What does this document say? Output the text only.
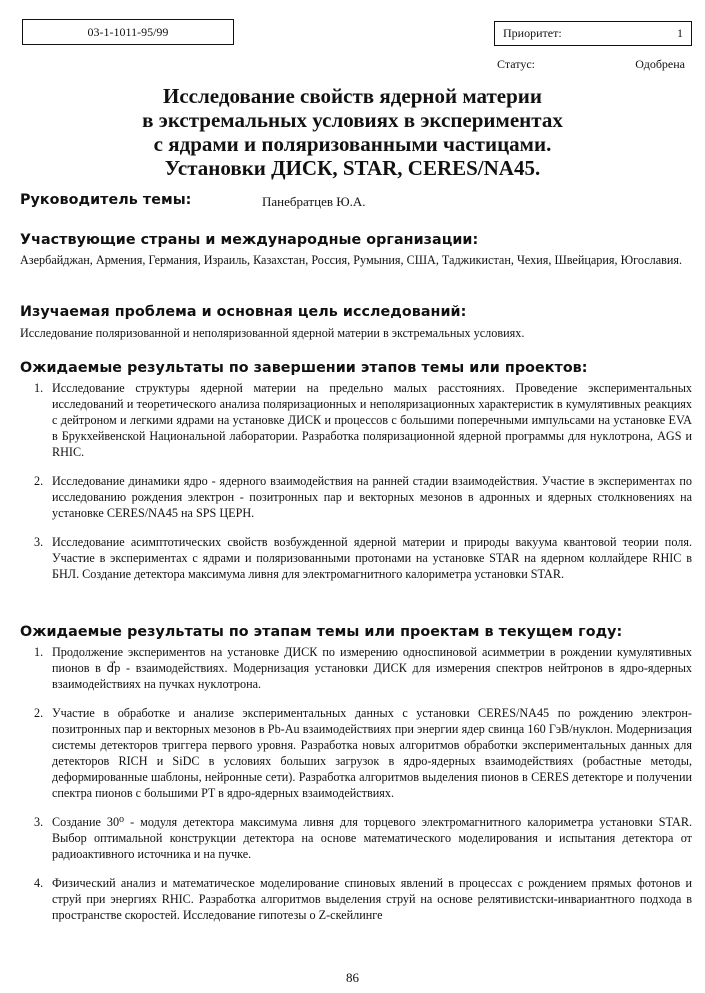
03-1-1011-95/99	Приоритет:	1
Статус:	Одобрена
Исследование свойств ядерной материи
в экстремальных условиях в экспериментах
с ядрами и поляризованными частицами.
Установки ДИСК, STAR, CERES/NA45.
Руководитель темы:	Панебратцев Ю.А.
Участвующие страны и международные организации:

Азербайджан, Армения, Германия, Израиль, Казахстан, Россия, Румыния, США, Таджикистан, Чехия, Швейцария, Югославия.

Изучаемая проблема и основная цель исследований:

Исследование поляризованной и неполяризованной ядерной материи в экстремальных условиях.

Ожидаемые результаты по завершении этапов темы или проектов:
1. Исследование структуры ядерной материи на предельно малых расстояниях. Проведение экспериментальных исследований и теоретического анализа поляризационных и неполяризационных характеристик в кумулятивных реакциях с дейтроном и легкими ядрами на установке ДИСК и процессов с большими поперечными импульсами на установке EVA в Брукхейвенской Национальной лаборатории. Разработка поляризационной ядерной программы для нуклотрона, AGS и RHIC.
2. Исследование динамики ядро - ядерного взаимодействия на ранней стадии взаимодействия. Участие в экспериментах по исследованию рождения электрон - позитронных пар и векторных мезонов в адронных и ядерных столкновениях на установке CERES/NA45 на SPS ЦЕРН.
3. Исследование асимптотических свойств возбужденной ядерной материи и природы вакуума квантовой теории поля. Участие в экспериментах с ядрами и поляризованными протонами на установке STAR на ядерном коллайдере RHIC в БНЛ. Создание детектора максимума ливня для электромагнитного калориметра установки STAR.
Ожидаемые результаты по этапам темы или проектам в текущем году:
1. Продолжение экспериментов на установке ДИСК по измерению односпиновой асимметрии в рождении кумулятивных пионов в d⃗p - взаимодействиях. Модернизация установки ДИСК для измерения спектров нейтронов в ядро-ядерных взаимодействиях на пучках нуклотрона.
2. Участие в обработке и анализе экспериментальных данных с установки CERES/NA45 по рождению электрон-позитронных пар и векторных мезонов в Pb-Au взаимодействиях при энергии ядер свинца 160 ГэВ/нуклон. Модернизация системы детекторов триггера первого уровня. Разработка новых алгоритмов обработки экспериментальных данных для детекторов RICH и SiDC в условиях больших загрузок в ядро-ядерных взаимодействиях (робастные методы, деформированные шаблоны, нейронные сети). Разработка алгоритмов выделения пионов в CERES детекторе и получении спектра пионов с большими PT в ядро-ядерных взаимодействиях.
3. Создание 30⁰ - модуля детектора максимума ливня для торцевого электромагнитного калориметра установки STAR. Выбор оптимальной конструкции детектора на основе математического моделирования и испытания детектора от радиоактивного источника и на пучке.
4. Физический анализ и математическое моделирование спиновых явлений в процессах с рождением прямых фотонов и струй при энергиях RHIC. Разработка алгоритмов выделения струй на основе релятивистски-инвариантного подхода в пространстве скоростей. Исследование гипотезы о Z-скейлинге
86
